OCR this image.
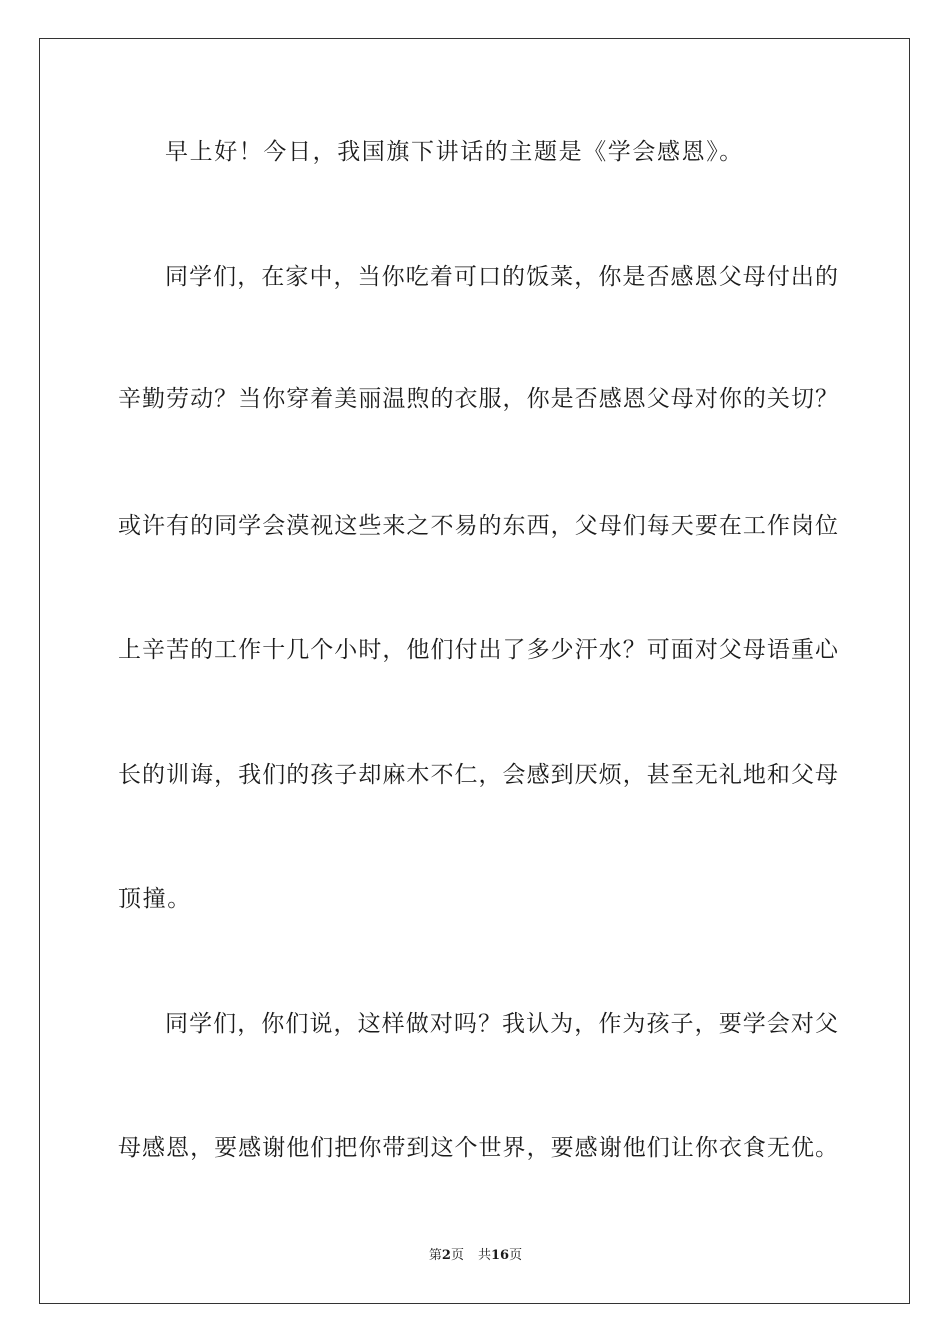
早上好！今日，我国旗下讲话的主题是《学会感恩》。
同学们，在家中，当你吃着可口的饭菜，你是否感恩父母付出的
辛勤劳动？当你穿着美丽温煦的衣服，你是否感恩父母对你的关切？
或许有的同学会漠视这些来之不易的东西，父母们每天要在工作岗位
上辛苦的工作十几个小时，他们付出了多少汗水？可面对父母语重心
长的训诲，我们的孩子却麻木不仁，会感到厌烦，甚至无礼地和父母
顶撞。
同学们，你们说，这样做对吗？我认为，作为孩子，要学会对父
母感恩，要感谢他们把你带到这个世界，要感谢他们让你衣食无优。
第2页 共16页
